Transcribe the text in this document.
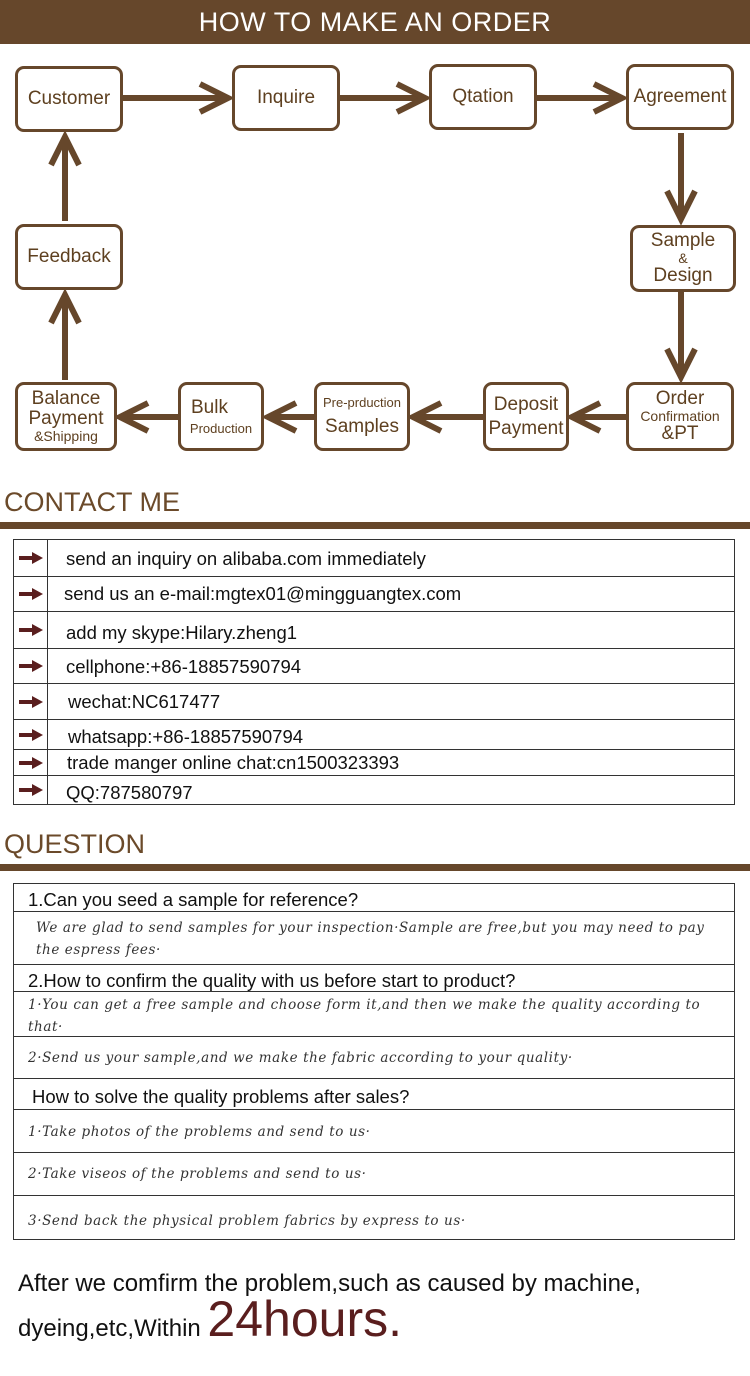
HOW TO MAKE AN ORDER
Customer	Inquire	Qtation	Agreement
Sample
&
Design
Order
Confirmation
&PT
Deposit
Payment
Pre-prduction
Samples
Bulk
Production
Balance
Payment
&Shipping
Feedback
CONTACT ME
send an inquiry on alibaba.com immediately
send us an e-mail:mgtex01@mingguangtex.com
add my skype:Hilary.zheng1
cellphone:+86-18857590794
wechat:NC617477
whatsapp:+86-18857590794
trade manger online chat:cn1500323393
QQ:787580797
QUESTION
1.Can you seed a sample for reference?
We are glad to send samples for your inspection·Sample are free,but you may need to pay the espress fees·
2.How to confirm the quality with us before start to product?
1·You can get a free sample and choose form it,and then we make the quality according to that·
2·Send us your sample,and we make the fabric according to your quality·
How to solve the quality problems after sales?
1·Take photos of the problems and send to us·
2·Take viseos of the problems and send to us·
3·Send back the physical problem fabrics by express to us·
After we comfirm the problem,such as caused by machine,
dyeing,etc,Within 24hours.
